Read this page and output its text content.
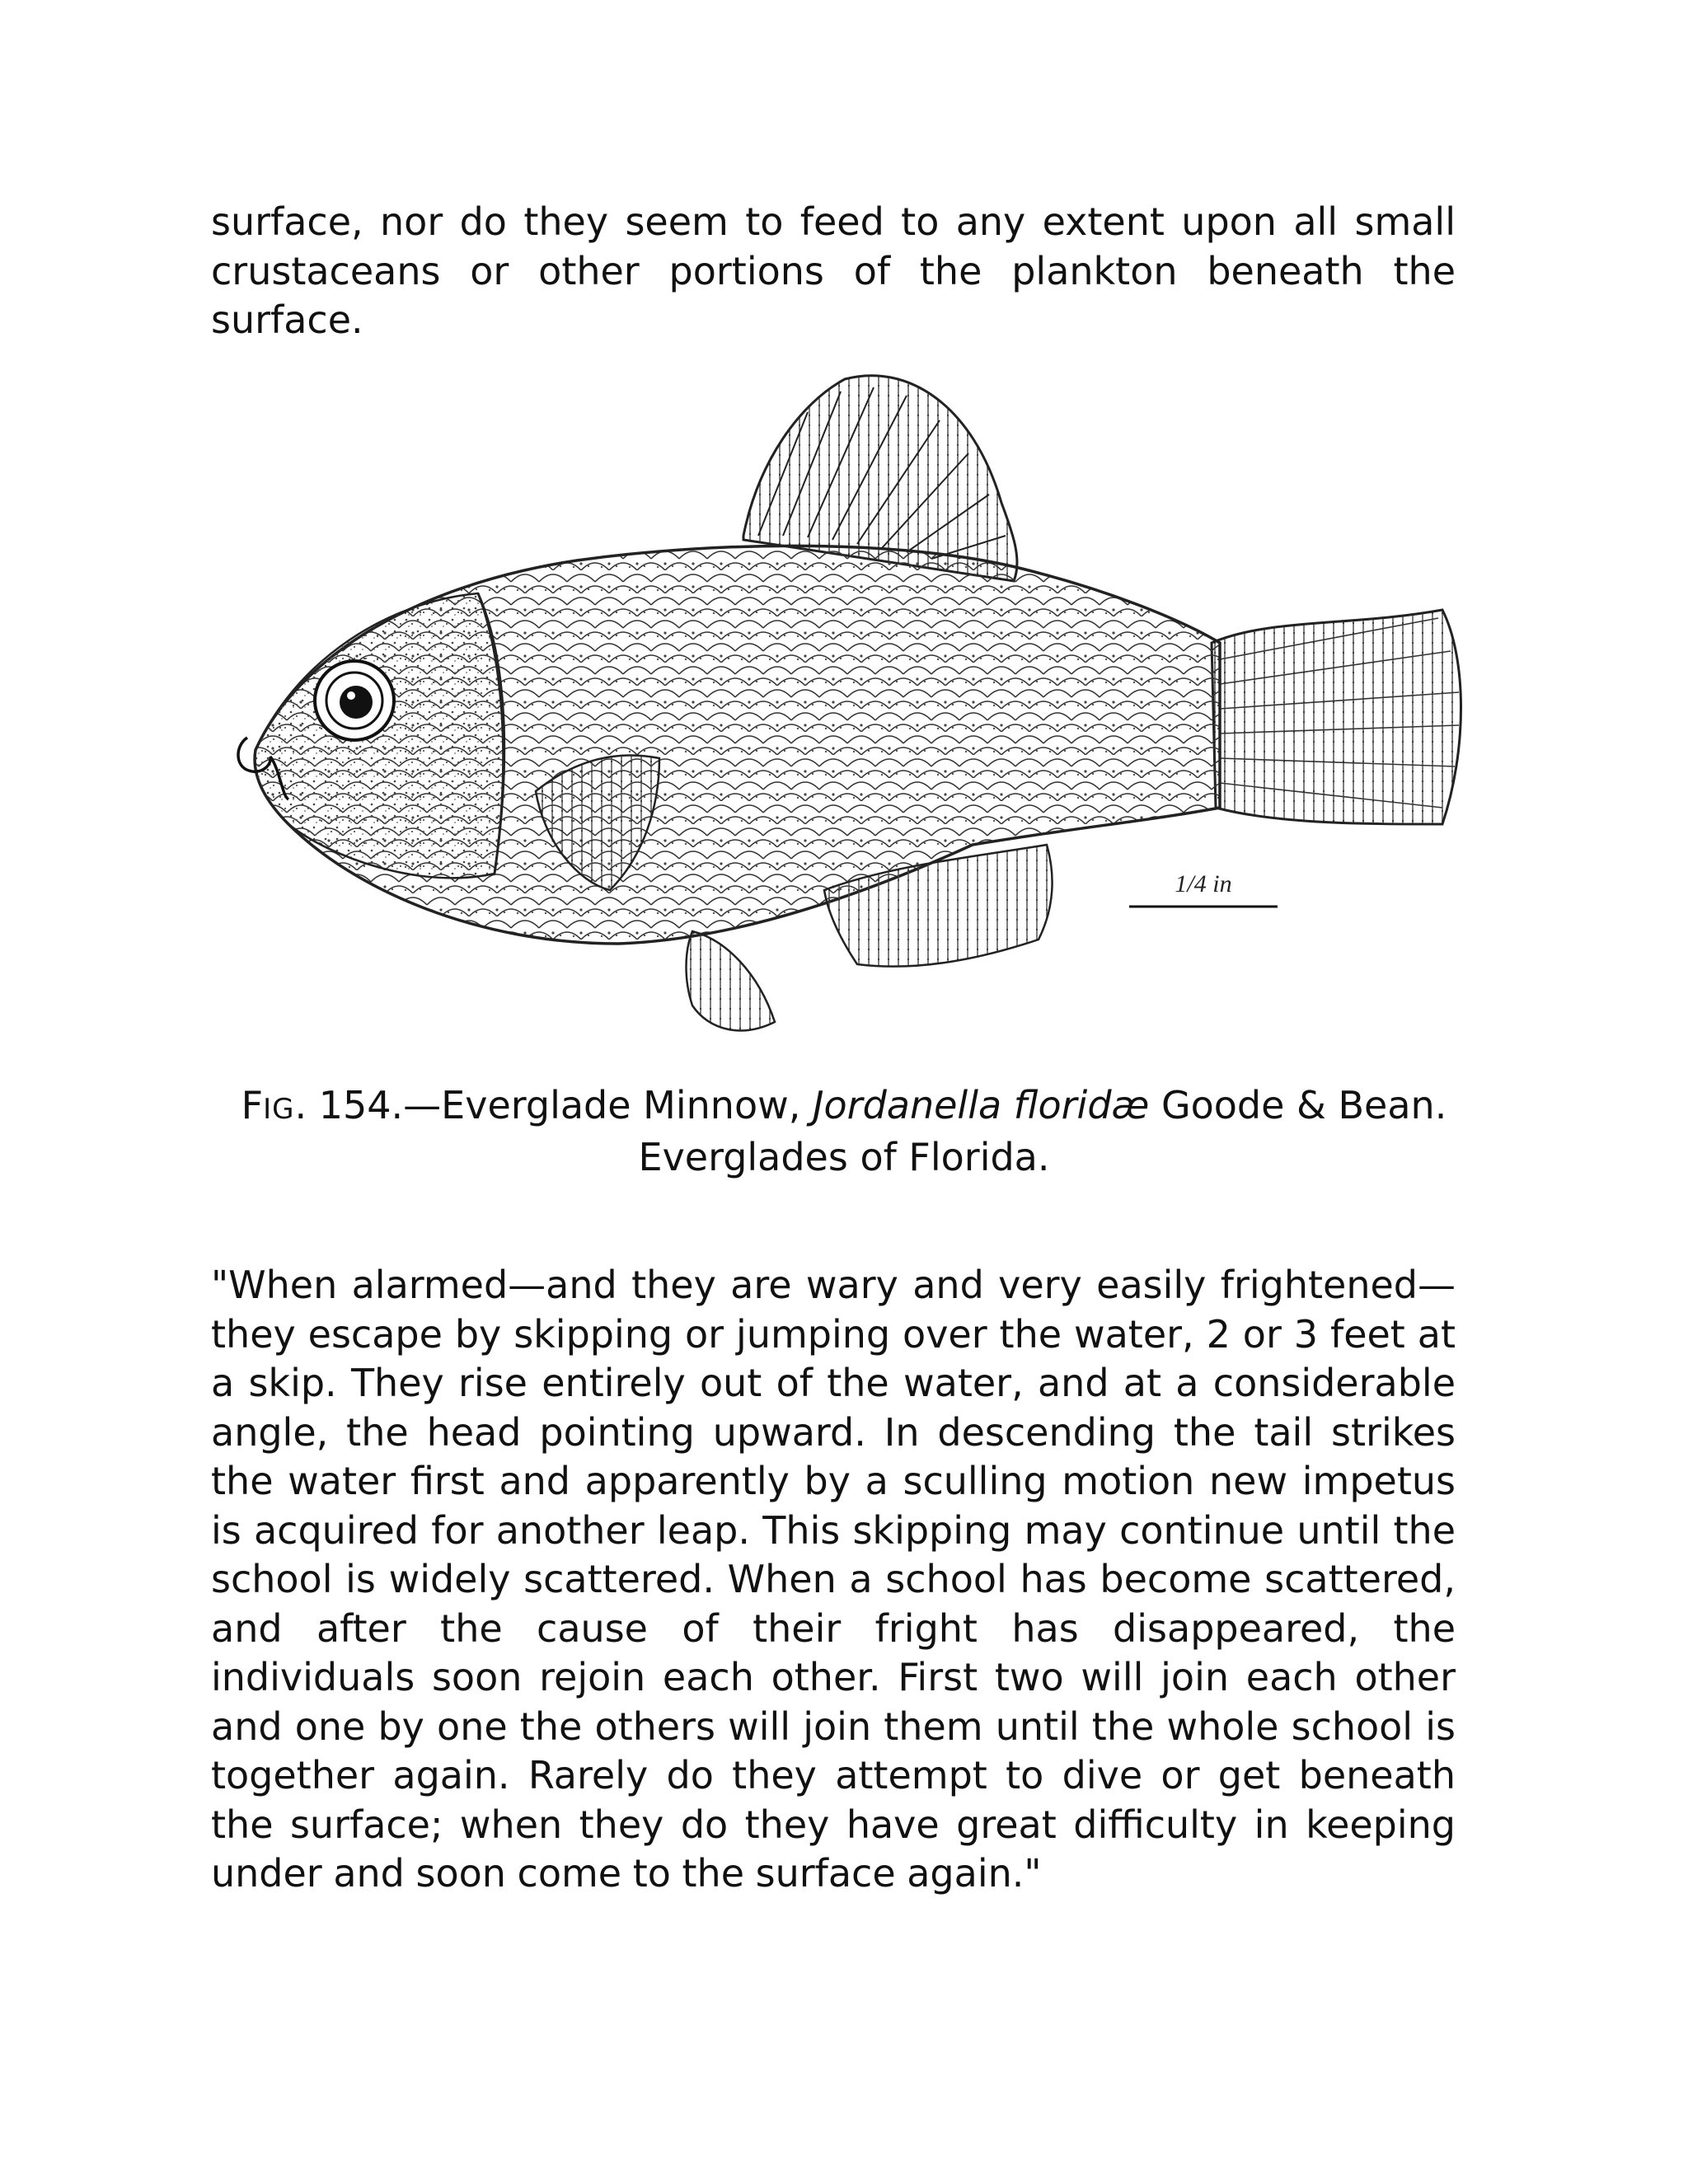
surface, nor do they seem to feed to any extent upon all small crustaceans or other portions of the plankton beneath the surface.

1/4 in

FIG. 154.—Everglade Minnow, Jordanella floridæ Goode & Bean.
Everglades of Florida.

"When alarmed—and they are wary and very easily frightened—they escape by skipping or jumping over the water, 2 or 3 feet at a skip. They rise entirely out of the water, and at a considerable angle, the head pointing upward. In descending the tail strikes the water first and apparently by a sculling motion new impetus is acquired for another leap. This skipping may continue until the school is widely scattered. When a school has become scattered, and after the cause of their fright has disappeared, the individuals soon rejoin each other. First two will join each other and one by one the others will join them until the whole school is together again. Rarely do they attempt to dive or get beneath the surface; when they do they have great difficulty in keeping under and soon come to the surface again."
